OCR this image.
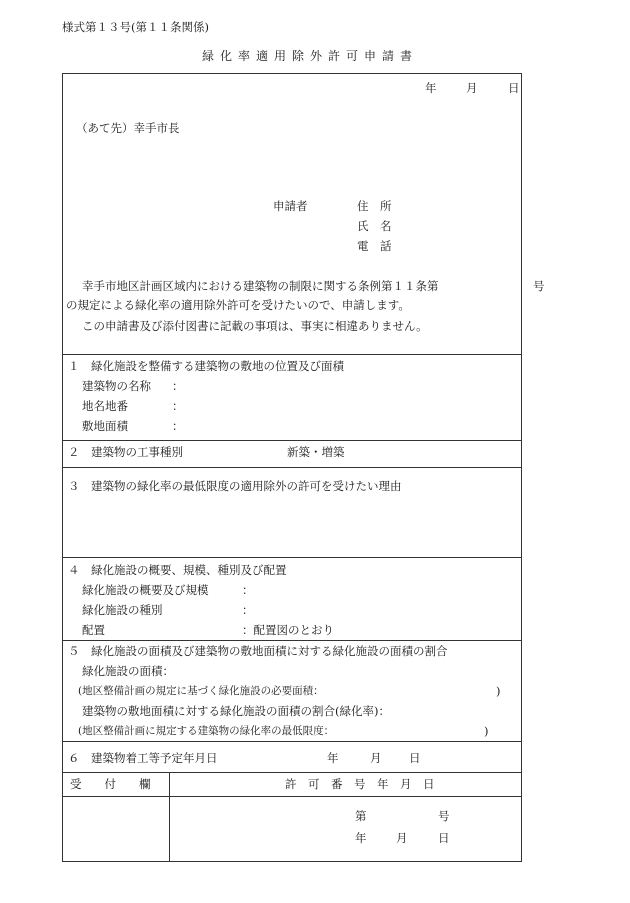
様式第１３号(第１１条関係)
緑化率適用除外許可申請書
年	月	日
（あて先）幸手市長
申請者	住　所
氏　名
電　話
幸手市地区計画区域内における建築物の制限に関する条例第１１条第	号
の規定による緑化率の適用除外許可を受けたいので、申請します。
この申請書及び添付図書に記載の事項は、事実に相違ありません。
１　緑化施設を整備する建築物の敷地の位置及び面積
建築物の名称 ：
地名地番	：
敷地面積	：
２　建築物の工事種別	新築・増築
３　建築物の緑化率の最低限度の適用除外の許可を受けたい理由
４　緑化施設の概要、規模、種別及び配置
緑化施設の概要及び規模	：
緑化施設の種別	：
配置	：配置図のとおり
５　緑化施設の面積及び建築物の敷地面積に対する緑化施設の面積の割合
緑化施設の面積：
(地区整備計画の規定に基づく緑化施設の必要面積：	)
建築物の敷地面積に対する緑化施設の面積の割合(緑化率)：
(地区整備計画に規定する建築物の緑化率の最低限度：	)
６　建築物着工等予定年月日	年	月 日
受　　付　　欄	許　可　番　号　年　月　日
第	号
年	月	日
